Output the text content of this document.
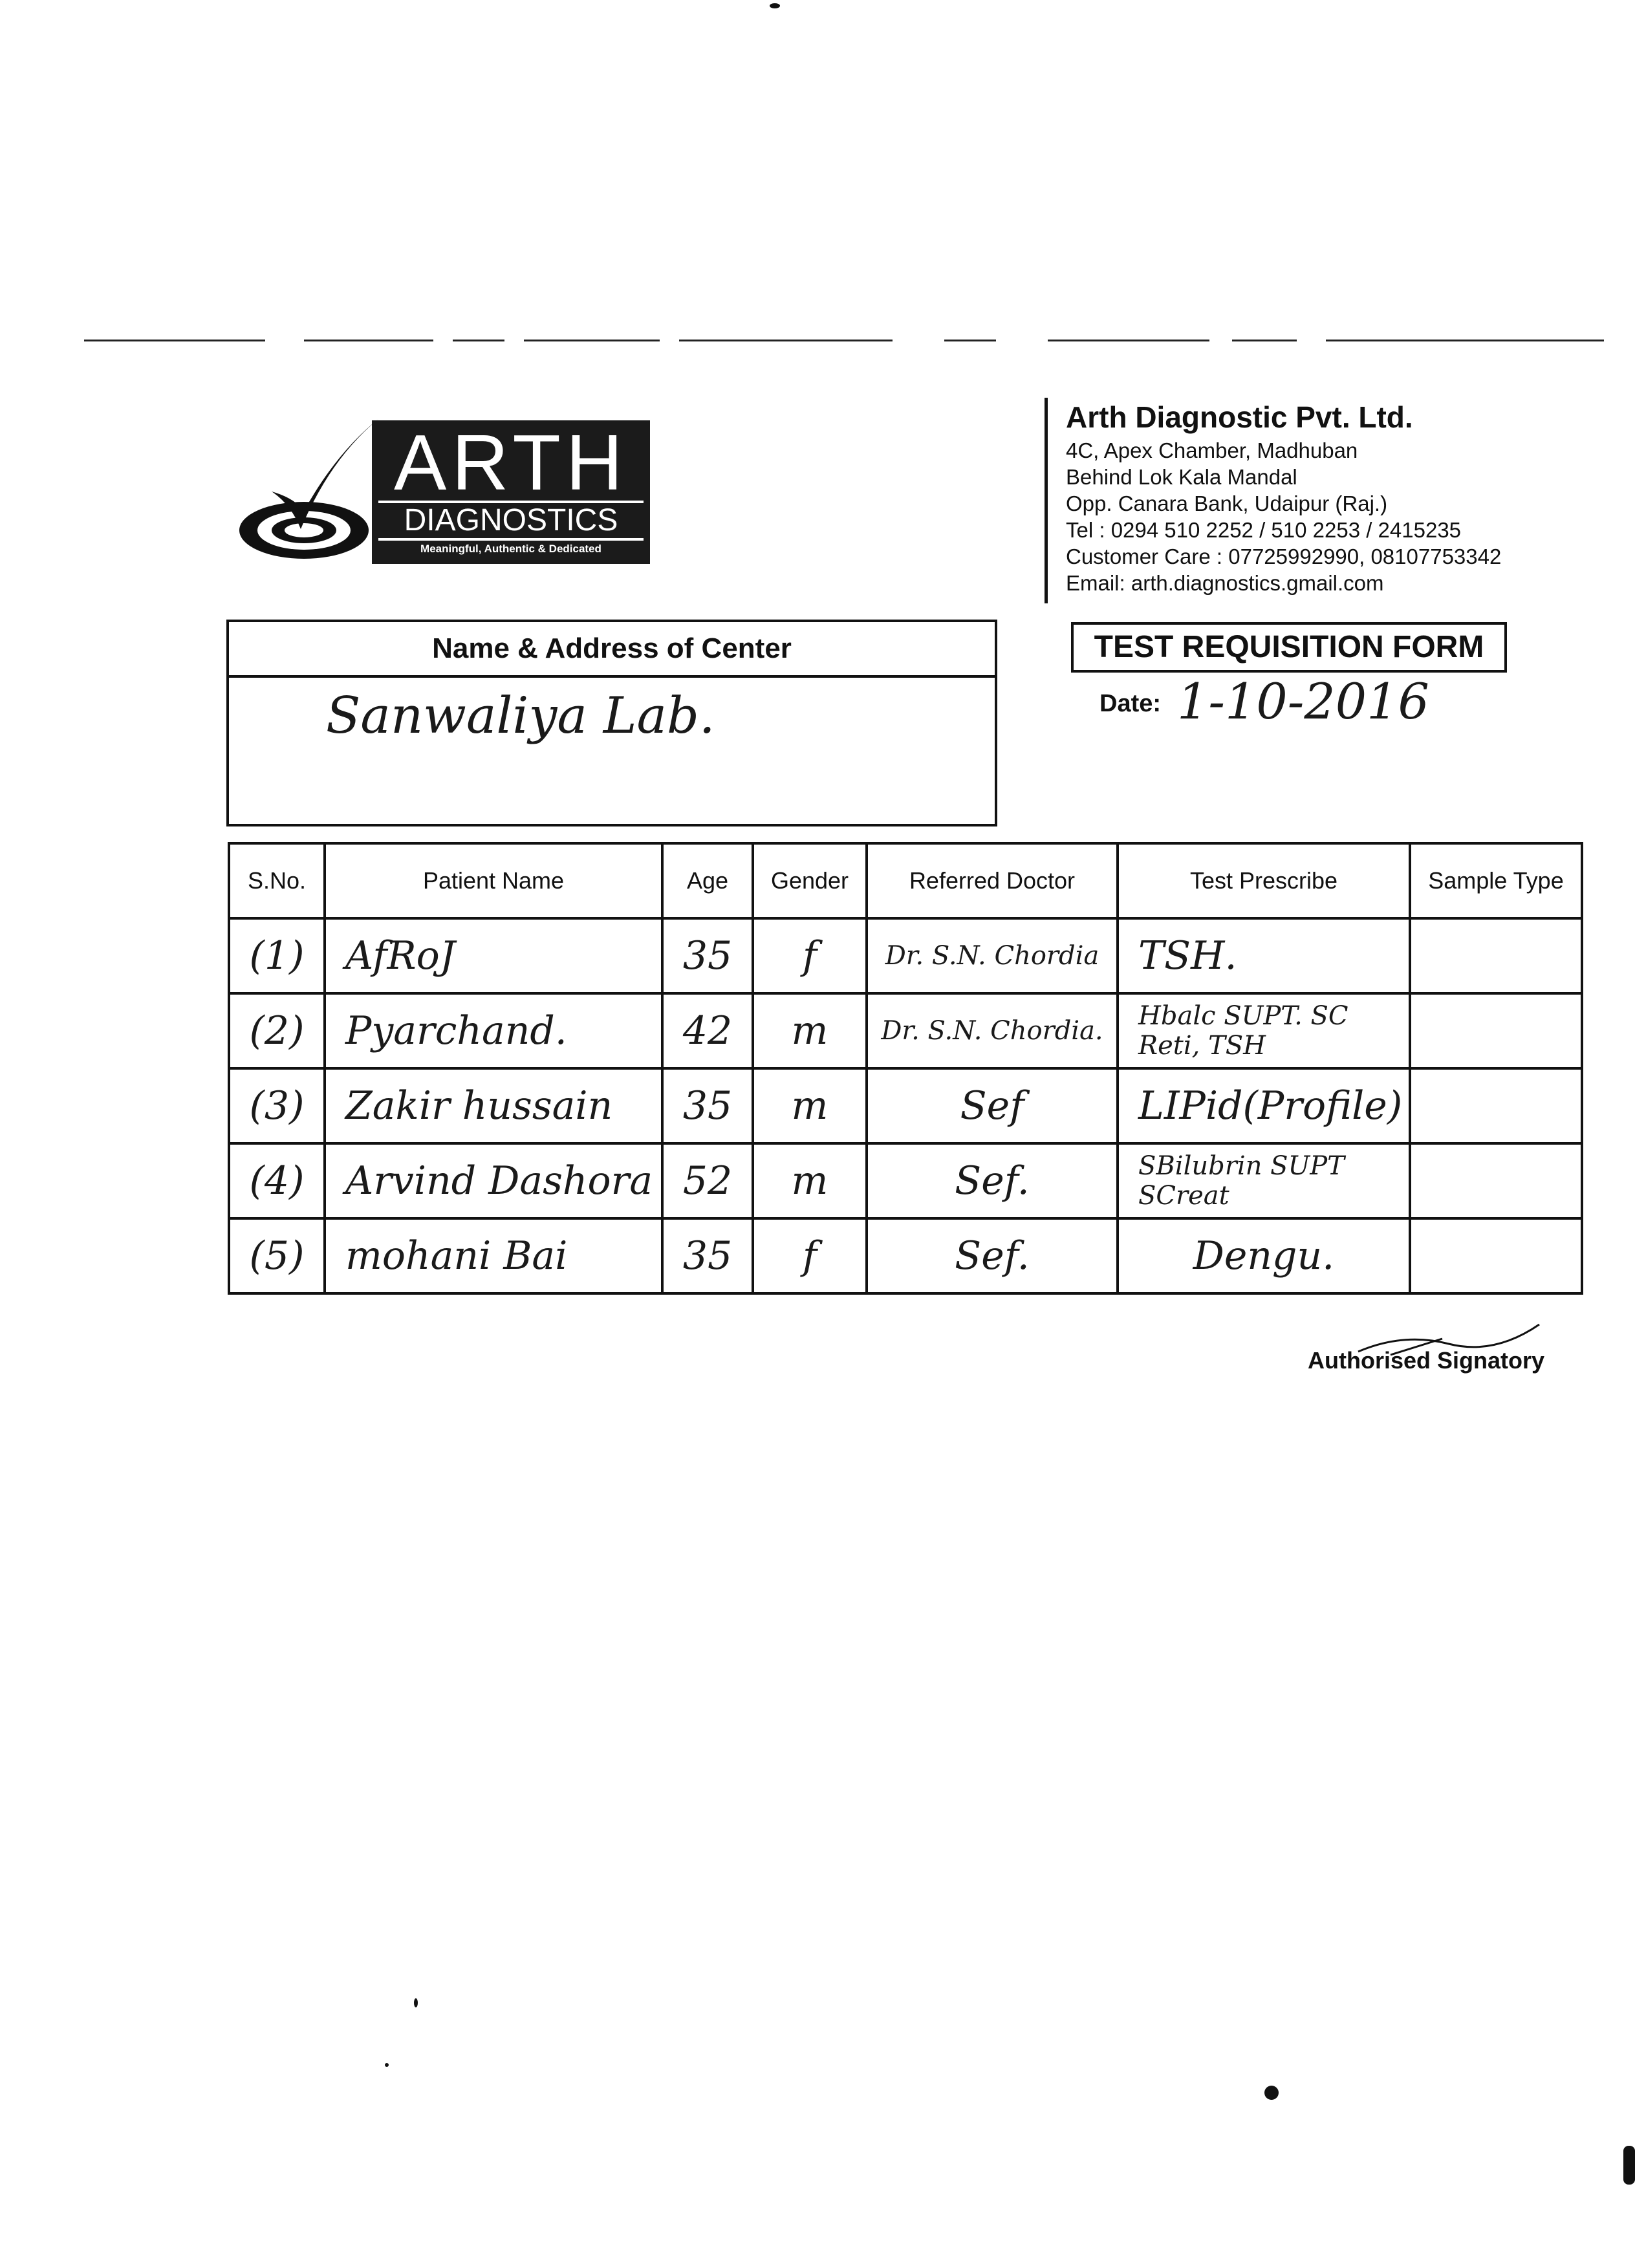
ARTH
DIAGNOSTICS
Meaningful, Authentic & Dedicated
Arth Diagnostic Pvt. Ltd.
4C, Apex Chamber, Madhuban
Behind Lok Kala Mandal
Opp. Canara Bank, Udaipur (Raj.)
Tel : 0294 510 2252 / 510 2253 / 2415235
Customer Care : 07725992990, 08107753342
Email: arth.diagnostics.gmail.com
Name & Address of Center
Sanwaliya Lab.
TEST REQUISITION FORM
Date: 1-10-2016
S.No.	Patient Name	Age	Gender	Referred Doctor	Test Prescribe	Sample Type
(1)	AfRoJ	35	f	Dr. S.N. Chordia	TSH.	
(2)	Pyarchand.	42	m	Dr. S.N. Chordia.	Hbalc SUPT. SC Reti, TSH	
(3)	Zakir hussain	35	m	Sef	LIPid(Profile)	
(4)	Arvind Dashora	52	m	Sef.	SBilubrin SUPT SCreat	
(5)	mohani Bai	35	f	Sef.	Dengu.	
Authorised Signatory
